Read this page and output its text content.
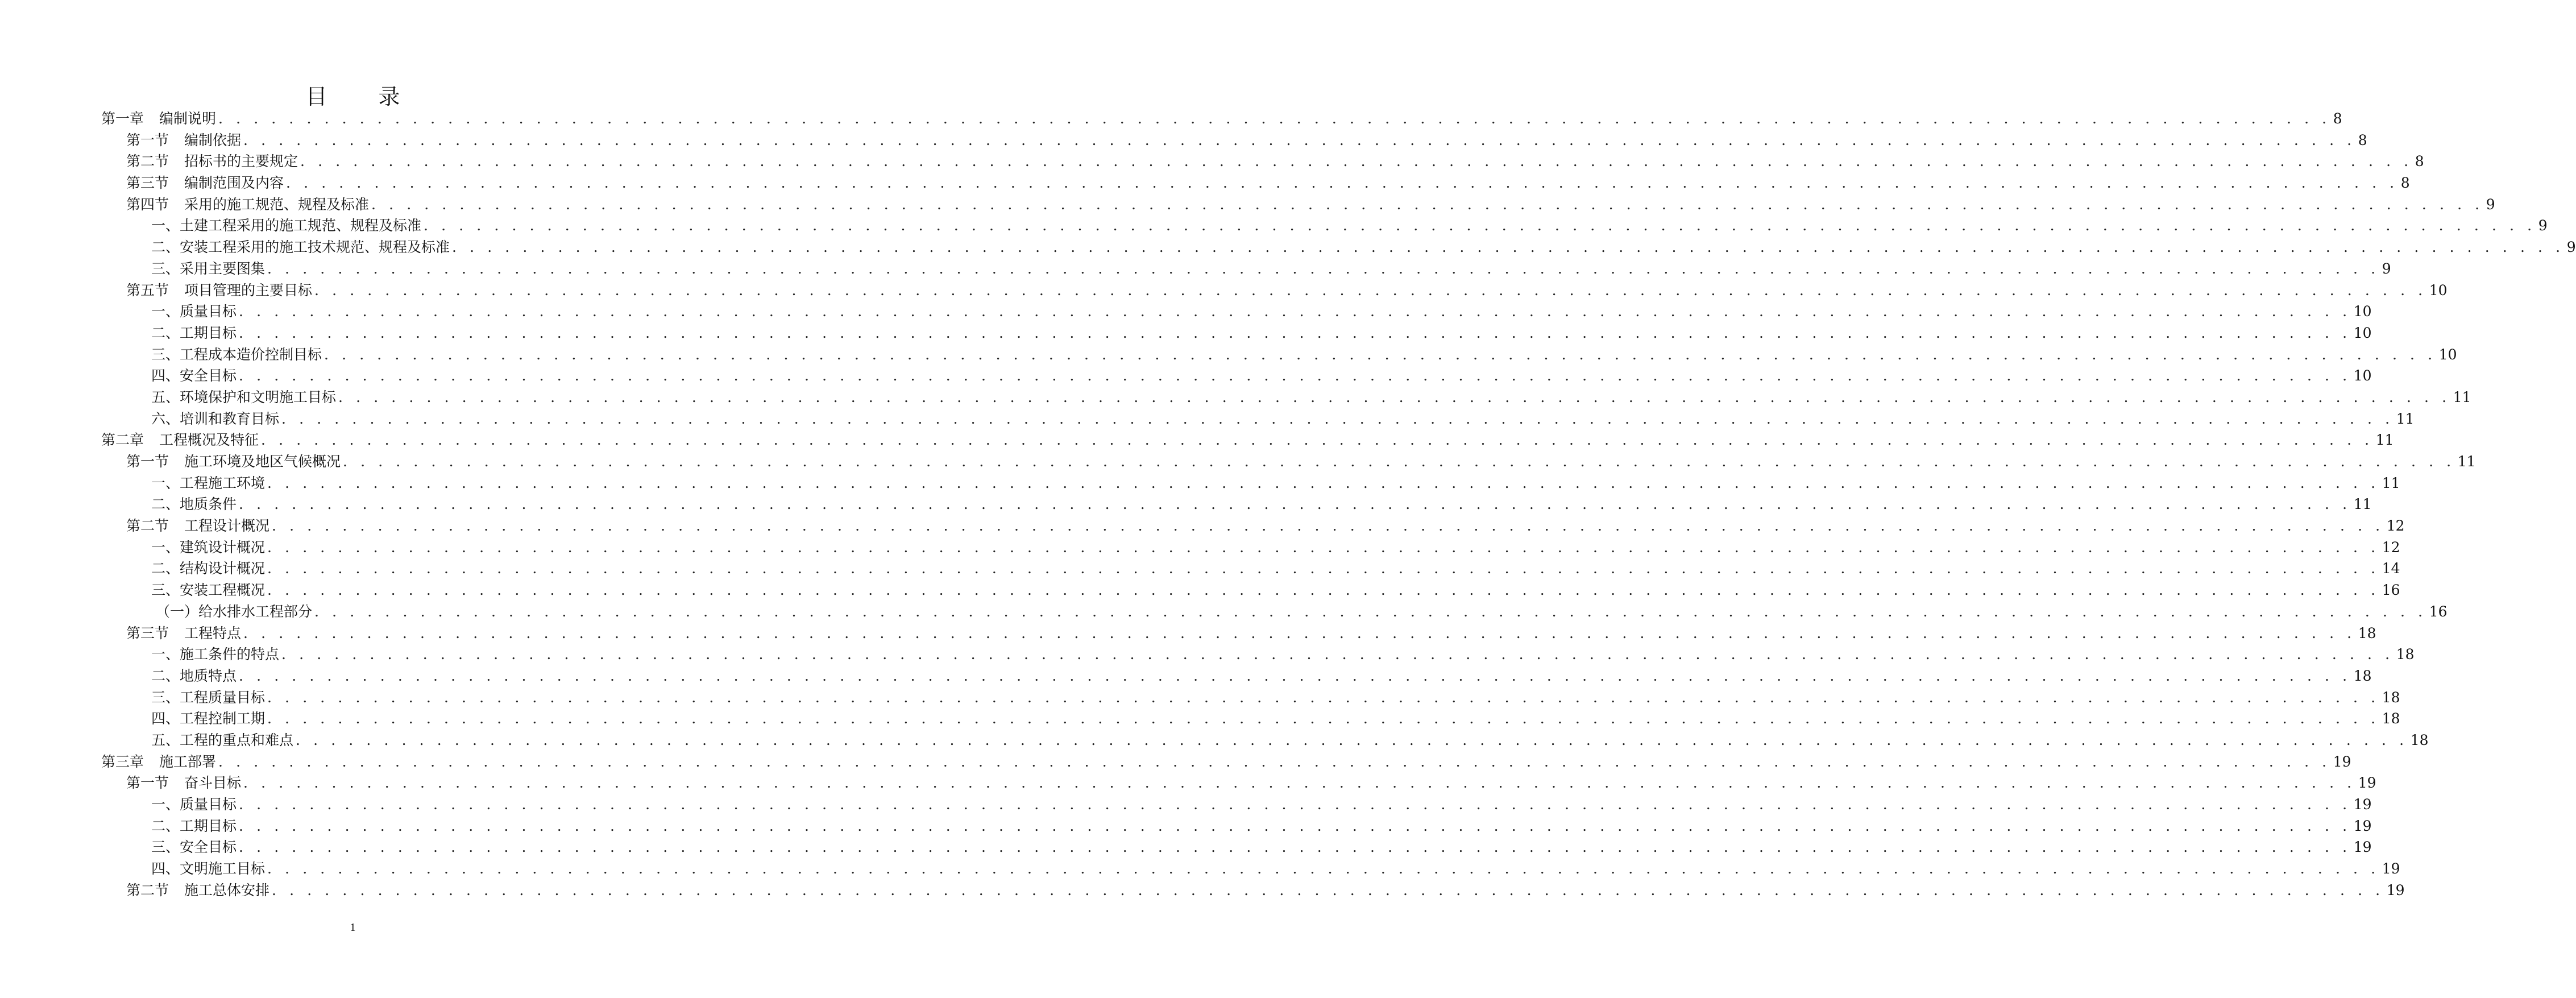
目录
第一章 编制说明 . . . . . . . . . . . . . . . . . . . . . . . . . . . . . . . . . . . . . . . . . . . . . . . . . . . . . . . . . . . . . . . . . . . . . . . . . . . . . . . . . . . . . . . . . . . . . . . . . . . . . . . . . . . . . . . . . . . . . . . . 8
第一节 编制依据 . . . . . . . . . . . . . . . . . . . . . . . . . . . . . . . . . . . . . . . . . . . . . . . . . . . . . . . . . . . . . . . . . . . . . . . . . . . . . . . . . . . . . . . . . . . . . . . . . . . . . . . . . . . . . . . . . . . . . . . . 8
第二节 招标书的主要规定 . . . . . . . . . . . . . . . . . . . . . . . . . . . . . . . . . . . . . . . . . . . . . . . . . . . . . . . . . . . . . . . . . . . . . . . . . . . . . . . . . . . . . . . . . . . . . . . . . . . . . . . . . . . . . . . . . . . . . . . . 8
第三节 编制范围及内容 . . . . . . . . . . . . . . . . . . . . . . . . . . . . . . . . . . . . . . . . . . . . . . . . . . . . . . . . . . . . . . . . . . . . . . . . . . . . . . . . . . . . . . . . . . . . . . . . . . . . . . . . . . . . . . . . . . . . . . . . 8
第四节 采用的施工规范、规程及标准 . . . . . . . . . . . . . . . . . . . . . . . . . . . . . . . . . . . . . . . . . . . . . . . . . . . . . . . . . . . . . . . . . . . . . . . . . . . . . . . . . . . . . . . . . . . . . . . . . . . . . . . . . . . . . . . . . . . . . . . . 9
一、土建工程采用的施工规范、规程及标准 . . . . . . . . . . . . . . . . . . . . . . . . . . . . . . . . . . . . . . . . . . . . . . . . . . . . . . . . . . . . . . . . . . . . . . . . . . . . . . . . . . . . . . . . . . . . . . . . . . . . . . . . . . . . . . . . . . . . . . . . 9
二、安装工程采用的施工技术规范、规程及标准 . . . . . . . . . . . . . . . . . . . . . . . . . . . . . . . . . . . . . . . . . . . . . . . . . . . . . . . . . . . . . . . . . . . . . . . . . . . . . . . . . . . . . . . . . . . . . . . . . . . . . . . . . . . . . . . . . . . . . . . . 9
三、采用主要图集 . . . . . . . . . . . . . . . . . . . . . . . . . . . . . . . . . . . . . . . . . . . . . . . . . . . . . . . . . . . . . . . . . . . . . . . . . . . . . . . . . . . . . . . . . . . . . . . . . . . . . . . . . . . . . . . . . . . . . . . . 9
第五节 项目管理的主要目标 . . . . . . . . . . . . . . . . . . . . . . . . . . . . . . . . . . . . . . . . . . . . . . . . . . . . . . . . . . . . . . . . . . . . . . . . . . . . . . . . . . . . . . . . . . . . . . . . . . . . . . . . . . . . . . . . . . . . . . . . 10
一、质量目标 . . . . . . . . . . . . . . . . . . . . . . . . . . . . . . . . . . . . . . . . . . . . . . . . . . . . . . . . . . . . . . . . . . . . . . . . . . . . . . . . . . . . . . . . . . . . . . . . . . . . . . . . . . . . . . . . . . . . . . . . 10
二、工期目标 . . . . . . . . . . . . . . . . . . . . . . . . . . . . . . . . . . . . . . . . . . . . . . . . . . . . . . . . . . . . . . . . . . . . . . . . . . . . . . . . . . . . . . . . . . . . . . . . . . . . . . . . . . . . . . . . . . . . . . . . 10
三、工程成本造价控制目标 . . . . . . . . . . . . . . . . . . . . . . . . . . . . . . . . . . . . . . . . . . . . . . . . . . . . . . . . . . . . . . . . . . . . . . . . . . . . . . . . . . . . . . . . . . . . . . . . . . . . . . . . . . . . . . . . . . . . . . . . 10
四、安全目标 . . . . . . . . . . . . . . . . . . . . . . . . . . . . . . . . . . . . . . . . . . . . . . . . . . . . . . . . . . . . . . . . . . . . . . . . . . . . . . . . . . . . . . . . . . . . . . . . . . . . . . . . . . . . . . . . . . . . . . . . 10
五、环境保护和文明施工目标 . . . . . . . . . . . . . . . . . . . . . . . . . . . . . . . . . . . . . . . . . . . . . . . . . . . . . . . . . . . . . . . . . . . . . . . . . . . . . . . . . . . . . . . . . . . . . . . . . . . . . . . . . . . . . . . . . . . . . . . . 11
六、培训和教育目标 . . . . . . . . . . . . . . . . . . . . . . . . . . . . . . . . . . . . . . . . . . . . . . . . . . . . . . . . . . . . . . . . . . . . . . . . . . . . . . . . . . . . . . . . . . . . . . . . . . . . . . . . . . . . . . . . . . . . . . . . 11
第二章 工程概况及特征 . . . . . . . . . . . . . . . . . . . . . . . . . . . . . . . . . . . . . . . . . . . . . . . . . . . . . . . . . . . . . . . . . . . . . . . . . . . . . . . . . . . . . . . . . . . . . . . . . . . . . . . . . . . . . . . . . . . . . . . . 11
第一节 施工环境及地区气候概况 . . . . . . . . . . . . . . . . . . . . . . . . . . . . . . . . . . . . . . . . . . . . . . . . . . . . . . . . . . . . . . . . . . . . . . . . . . . . . . . . . . . . . . . . . . . . . . . . . . . . . . . . . . . . . . . . . . . . . . . . 11
一、工程施工环境 . . . . . . . . . . . . . . . . . . . . . . . . . . . . . . . . . . . . . . . . . . . . . . . . . . . . . . . . . . . . . . . . . . . . . . . . . . . . . . . . . . . . . . . . . . . . . . . . . . . . . . . . . . . . . . . . . . . . . . . . 11
二、地质条件 . . . . . . . . . . . . . . . . . . . . . . . . . . . . . . . . . . . . . . . . . . . . . . . . . . . . . . . . . . . . . . . . . . . . . . . . . . . . . . . . . . . . . . . . . . . . . . . . . . . . . . . . . . . . . . . . . . . . . . . . 11
第二节 工程设计概况 . . . . . . . . . . . . . . . . . . . . . . . . . . . . . . . . . . . . . . . . . . . . . . . . . . . . . . . . . . . . . . . . . . . . . . . . . . . . . . . . . . . . . . . . . . . . . . . . . . . . . . . . . . . . . . . . . . . . . . . . 12
一、建筑设计概况 . . . . . . . . . . . . . . . . . . . . . . . . . . . . . . . . . . . . . . . . . . . . . . . . . . . . . . . . . . . . . . . . . . . . . . . . . . . . . . . . . . . . . . . . . . . . . . . . . . . . . . . . . . . . . . . . . . . . . . . . 12
二、结构设计概况 . . . . . . . . . . . . . . . . . . . . . . . . . . . . . . . . . . . . . . . . . . . . . . . . . . . . . . . . . . . . . . . . . . . . . . . . . . . . . . . . . . . . . . . . . . . . . . . . . . . . . . . . . . . . . . . . . . . . . . . . 14
三、安装工程概况 . . . . . . . . . . . . . . . . . . . . . . . . . . . . . . . . . . . . . . . . . . . . . . . . . . . . . . . . . . . . . . . . . . . . . . . . . . . . . . . . . . . . . . . . . . . . . . . . . . . . . . . . . . . . . . . . . . . . . . . . 16
（一）给水排水工程部分 . . . . . . . . . . . . . . . . . . . . . . . . . . . . . . . . . . . . . . . . . . . . . . . . . . . . . . . . . . . . . . . . . . . . . . . . . . . . . . . . . . . . . . . . . . . . . . . . . . . . . . . . . . . . . . . . . . . . . . . . 16
第三节 工程特点 . . . . . . . . . . . . . . . . . . . . . . . . . . . . . . . . . . . . . . . . . . . . . . . . . . . . . . . . . . . . . . . . . . . . . . . . . . . . . . . . . . . . . . . . . . . . . . . . . . . . . . . . . . . . . . . . . . . . . . . . 18
一、施工条件的特点 . . . . . . . . . . . . . . . . . . . . . . . . . . . . . . . . . . . . . . . . . . . . . . . . . . . . . . . . . . . . . . . . . . . . . . . . . . . . . . . . . . . . . . . . . . . . . . . . . . . . . . . . . . . . . . . . . . . . . . . . 18
二、地质特点 . . . . . . . . . . . . . . . . . . . . . . . . . . . . . . . . . . . . . . . . . . . . . . . . . . . . . . . . . . . . . . . . . . . . . . . . . . . . . . . . . . . . . . . . . . . . . . . . . . . . . . . . . . . . . . . . . . . . . . . . 18
三、工程质量目标 . . . . . . . . . . . . . . . . . . . . . . . . . . . . . . . . . . . . . . . . . . . . . . . . . . . . . . . . . . . . . . . . . . . . . . . . . . . . . . . . . . . . . . . . . . . . . . . . . . . . . . . . . . . . . . . . . . . . . . . . 18
四、工程控制工期 . . . . . . . . . . . . . . . . . . . . . . . . . . . . . . . . . . . . . . . . . . . . . . . . . . . . . . . . . . . . . . . . . . . . . . . . . . . . . . . . . . . . . . . . . . . . . . . . . . . . . . . . . . . . . . . . . . . . . . . . 18
五、工程的重点和难点 . . . . . . . . . . . . . . . . . . . . . . . . . . . . . . . . . . . . . . . . . . . . . . . . . . . . . . . . . . . . . . . . . . . . . . . . . . . . . . . . . . . . . . . . . . . . . . . . . . . . . . . . . . . . . . . . . . . . . . . . 18
第三章 施工部署 . . . . . . . . . . . . . . . . . . . . . . . . . . . . . . . . . . . . . . . . . . . . . . . . . . . . . . . . . . . . . . . . . . . . . . . . . . . . . . . . . . . . . . . . . . . . . . . . . . . . . . . . . . . . . . . . . . . . . . . . 19
第一节 奋斗目标 . . . . . . . . . . . . . . . . . . . . . . . . . . . . . . . . . . . . . . . . . . . . . . . . . . . . . . . . . . . . . . . . . . . . . . . . . . . . . . . . . . . . . . . . . . . . . . . . . . . . . . . . . . . . . . . . . . . . . . . . 19
一、质量目标 . . . . . . . . . . . . . . . . . . . . . . . . . . . . . . . . . . . . . . . . . . . . . . . . . . . . . . . . . . . . . . . . . . . . . . . . . . . . . . . . . . . . . . . . . . . . . . . . . . . . . . . . . . . . . . . . . . . . . . . . 19
二、工期目标 . . . . . . . . . . . . . . . . . . . . . . . . . . . . . . . . . . . . . . . . . . . . . . . . . . . . . . . . . . . . . . . . . . . . . . . . . . . . . . . . . . . . . . . . . . . . . . . . . . . . . . . . . . . . . . . . . . . . . . . . 19
三、安全目标 . . . . . . . . . . . . . . . . . . . . . . . . . . . . . . . . . . . . . . . . . . . . . . . . . . . . . . . . . . . . . . . . . . . . . . . . . . . . . . . . . . . . . . . . . . . . . . . . . . . . . . . . . . . . . . . . . . . . . . . . 19
四、文明施工目标 . . . . . . . . . . . . . . . . . . . . . . . . . . . . . . . . . . . . . . . . . . . . . . . . . . . . . . . . . . . . . . . . . . . . . . . . . . . . . . . . . . . . . . . . . . . . . . . . . . . . . . . . . . . . . . . . . . . . . . . . 19
第二节 施工总体安排 . . . . . . . . . . . . . . . . . . . . . . . . . . . . . . . . . . . . . . . . . . . . . . . . . . . . . . . . . . . . . . . . . . . . . . . . . . . . . . . . . . . . . . . . . . . . . . . . . . . . . . . . . . . . . . . . . . . . . . . . 19
1
